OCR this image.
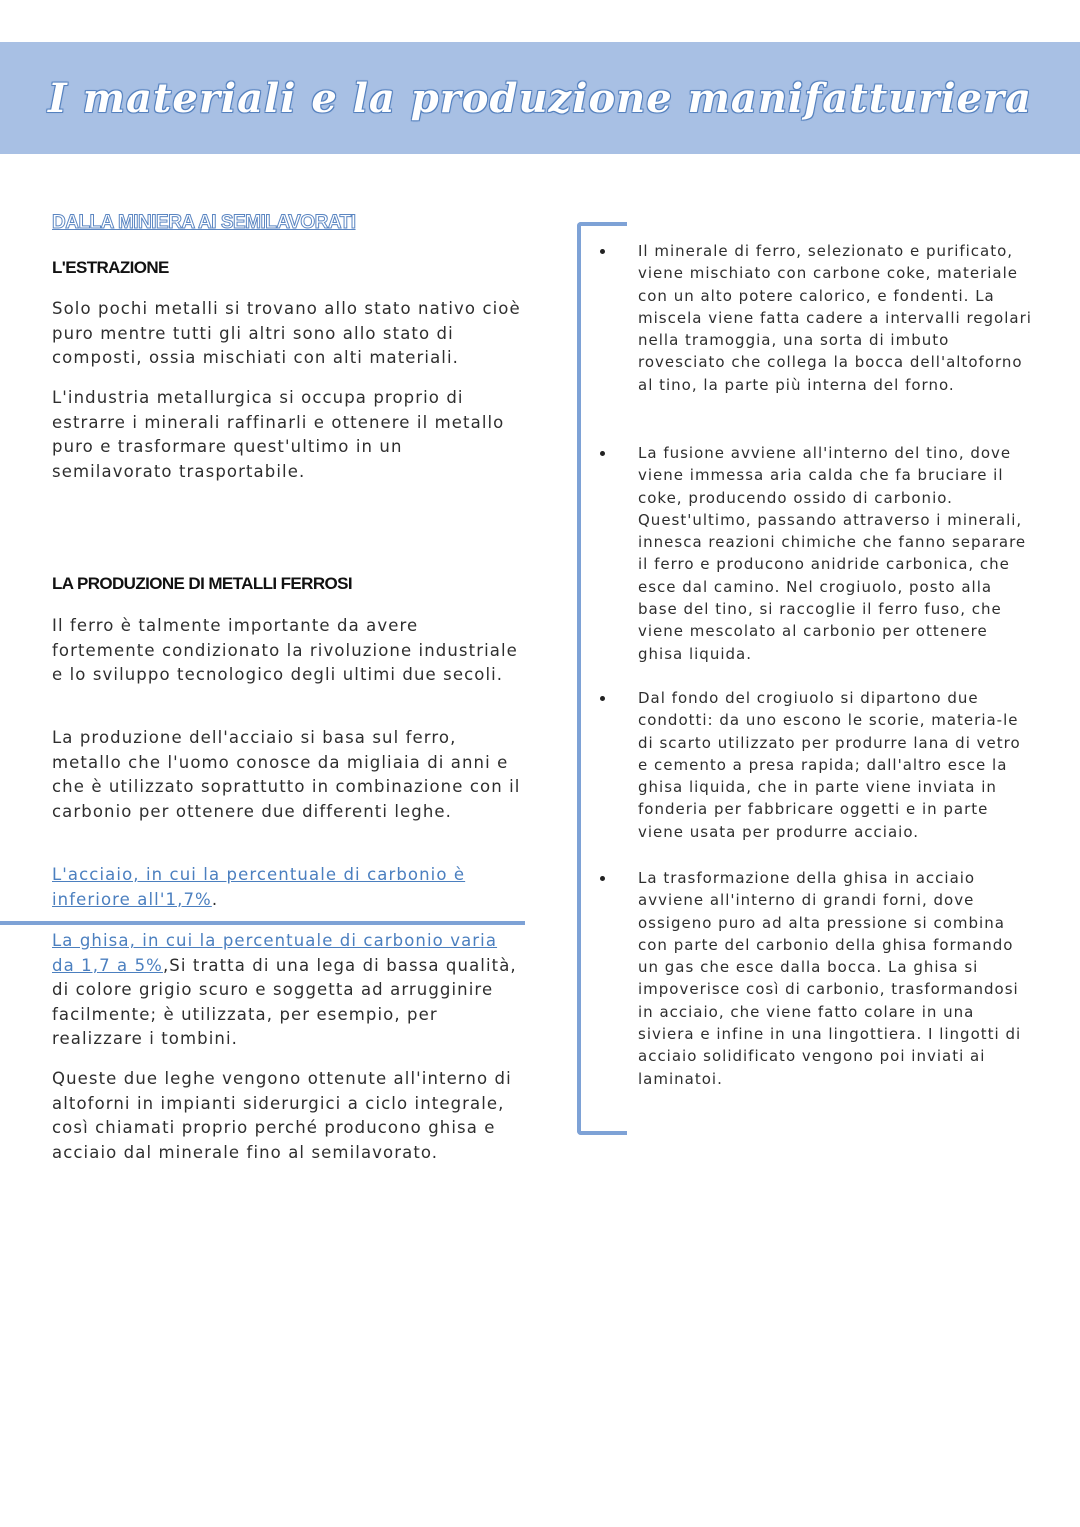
I materiali e la produzione manifatturiera
DALLA MINIERA AI SEMILAVORATI
L'ESTRAZIONE

Solo pochi metalli si trovano allo stato nativo cioè puro mentre tutti gli altri sono allo stato di composti, ossia mischiati con alti materiali.

L'industria metallurgica si occupa proprio di estrarre i minerali raffinarli e ottenere il metallo puro e trasformare quest'ultimo in un semilavorato trasportabile.

LA PRODUZIONE DI METALLI FERROSI

Il ferro è talmente importante da avere fortemente condizionato la rivoluzione industriale e lo sviluppo tecnologico degli ultimi due secoli.

La produzione dell'acciaio si basa sul ferro, metallo che l'uomo conosce da migliaia di anni e che è utilizzato soprattutto in combinazione con il carbonio per ottenere due differenti leghe.

L'acciaio, in cui la percentuale di carbonio è inferiore all'1,7%.

La ghisa, in cui la percentuale di carbonio varia da 1,7 a 5%,Si tratta di una lega di bassa qualità, di colore grigio scuro e soggetta ad arrugginire facilmente; è utilizzata, per esempio, per realizzare i tombini.

Queste due leghe vengono ottenute all'interno di altoforni in impianti siderurgici a ciclo integrale, così chiamati proprio perché producono ghisa e acciaio dal minerale fino al semilavorato.

Il minerale di ferro, selezionato e purificato, viene mischiato con carbone coke, materiale con un alto potere calorico, e fondenti. La miscela viene fatta cadere a intervalli regolari nella tramoggia, una sorta di imbuto rovesciato che collega la bocca dell'altoforno al tino, la parte più interna del forno.

La fusione avviene all'interno del tino, dove viene immessa aria calda che fa bruciare il coke, producendo ossido di carbonio. Quest'ultimo, passando attraverso i minerali, innesca reazioni chimiche che fanno separare il ferro e producono anidride carbonica, che esce dal camino. Nel crogiuolo, posto alla base del tino, si raccoglie il ferro fuso, che viene mescolato al carbonio per ottenere ghisa liquida.

Dal fondo del crogiuolo si dipartono due condotti: da uno escono le scorie, materia-le di scarto utilizzato per produrre lana di vetro e cemento a presa rapida; dall'altro esce la ghisa liquida, che in parte viene inviata in fonderia per fabbricare oggetti e in parte viene usata per produrre acciaio.

La trasformazione della ghisa in acciaio avviene all'interno di grandi forni, dove ossigeno puro ad alta pressione si combina con parte del carbonio della ghisa formando un gas che esce dalla bocca. La ghisa si impoverisce così di carbonio, trasformandosi in acciaio, che viene fatto colare in una siviera e infine in una lingottiera. I lingotti di acciaio solidificato vengono poi inviati ai laminatoi.
